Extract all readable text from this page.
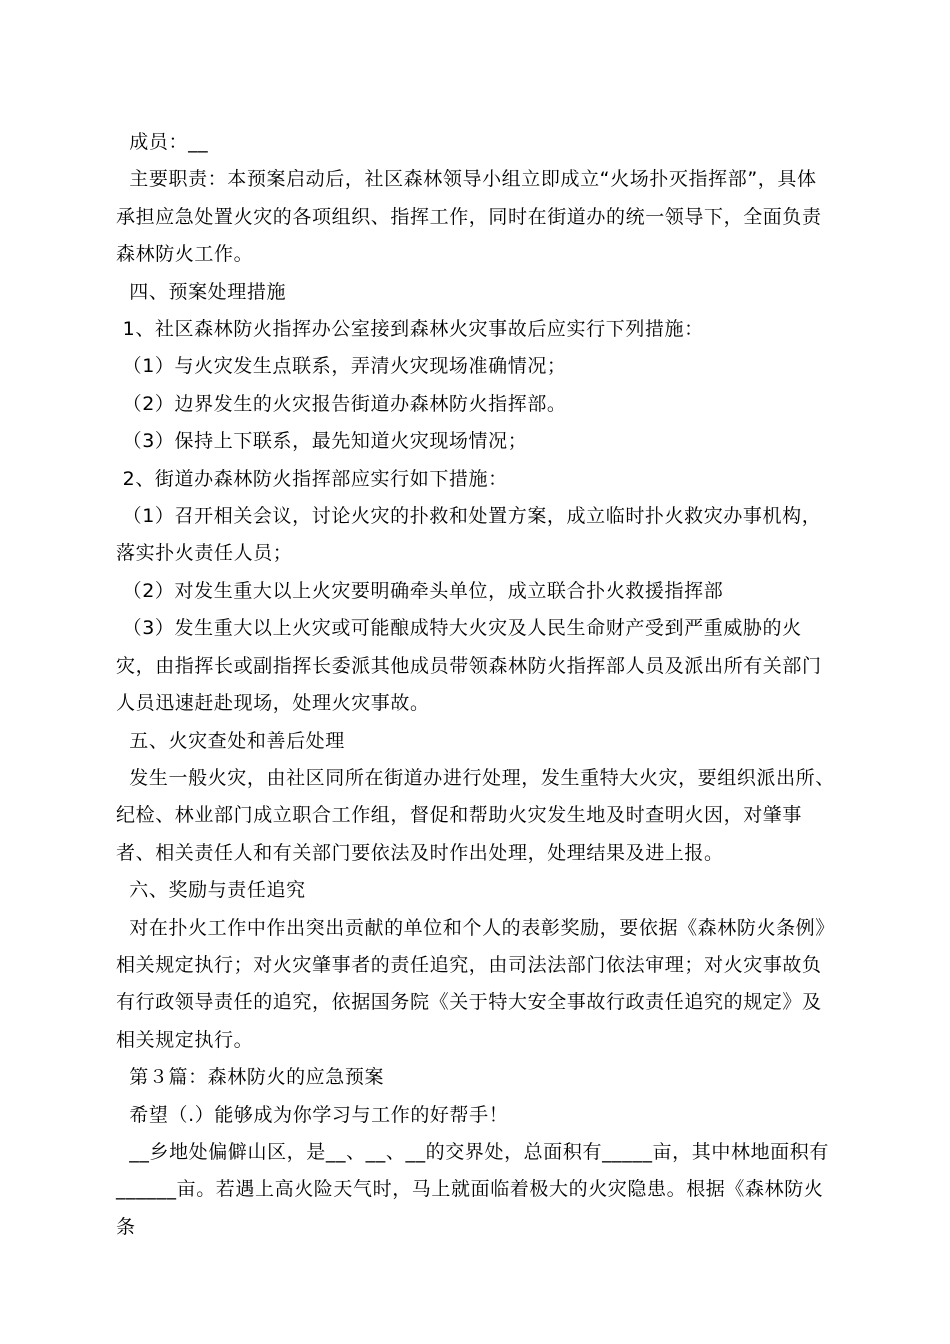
成员：__

主要职责：本预案启动后，社区森林领导小组立即成立“火场扑灭指挥部”，具体承担应急处置火灾的各项组织、指挥工作，同时在街道办的统一领导下，全面负责森林防火工作。

四、预案处理措施

1、社区森林防火指挥办公室接到森林火灾事故后应实行下列措施：

（1）与火灾发生点联系，弄清火灾现场准确情况；

（2）边界发生的火灾报告街道办森林防火指挥部。

（3）保持上下联系，最先知道火灾现场情况；

2、街道办森林防火指挥部应实行如下措施：

（1）召开相关会议，讨论火灾的扑救和处置方案，成立临时扑火救灾办事机构，落实扑火责任人员；

（2）对发生重大以上火灾要明确牵头单位，成立联合扑火救援指挥部

（3）发生重大以上火灾或可能酿成特大火灾及人民生命财产受到严重威胁的火灾，由指挥长或副指挥长委派其他成员带领森林防火指挥部人员及派出所有关部门人员迅速赶赴现场，处理火灾事故。

五、火灾查处和善后处理

发生一般火灾，由社区同所在街道办进行处理，发生重特大火灾，要组织派出所、纪检、林业部门成立职合工作组，督促和帮助火灾发生地及时查明火因，对肇事者、相关责任人和有关部门要依法及时作出处理，处理结果及进上报。

六、奖励与责任追究

对在扑火工作中作出突出贡献的单位和个人的表彰奖励，要依据《森林防火条例》相关规定执行；对火灾肇事者的责任追究，由司法法部门依法审理；对火灾事故负有行政领导责任的追究，依据国务院《关于特大安全事故行政责任追究的规定》及相关规定执行。

第３篇：森林防火的应急预案

希望（.）能够成为你学习与工作的好帮手！

__乡地处偏僻山区，是__、__、__的交界处，总面积有_____亩，其中林地面积有______亩。若遇上高火险天气时，马上就面临着极大的火灾隐患。根据《森林防火条
